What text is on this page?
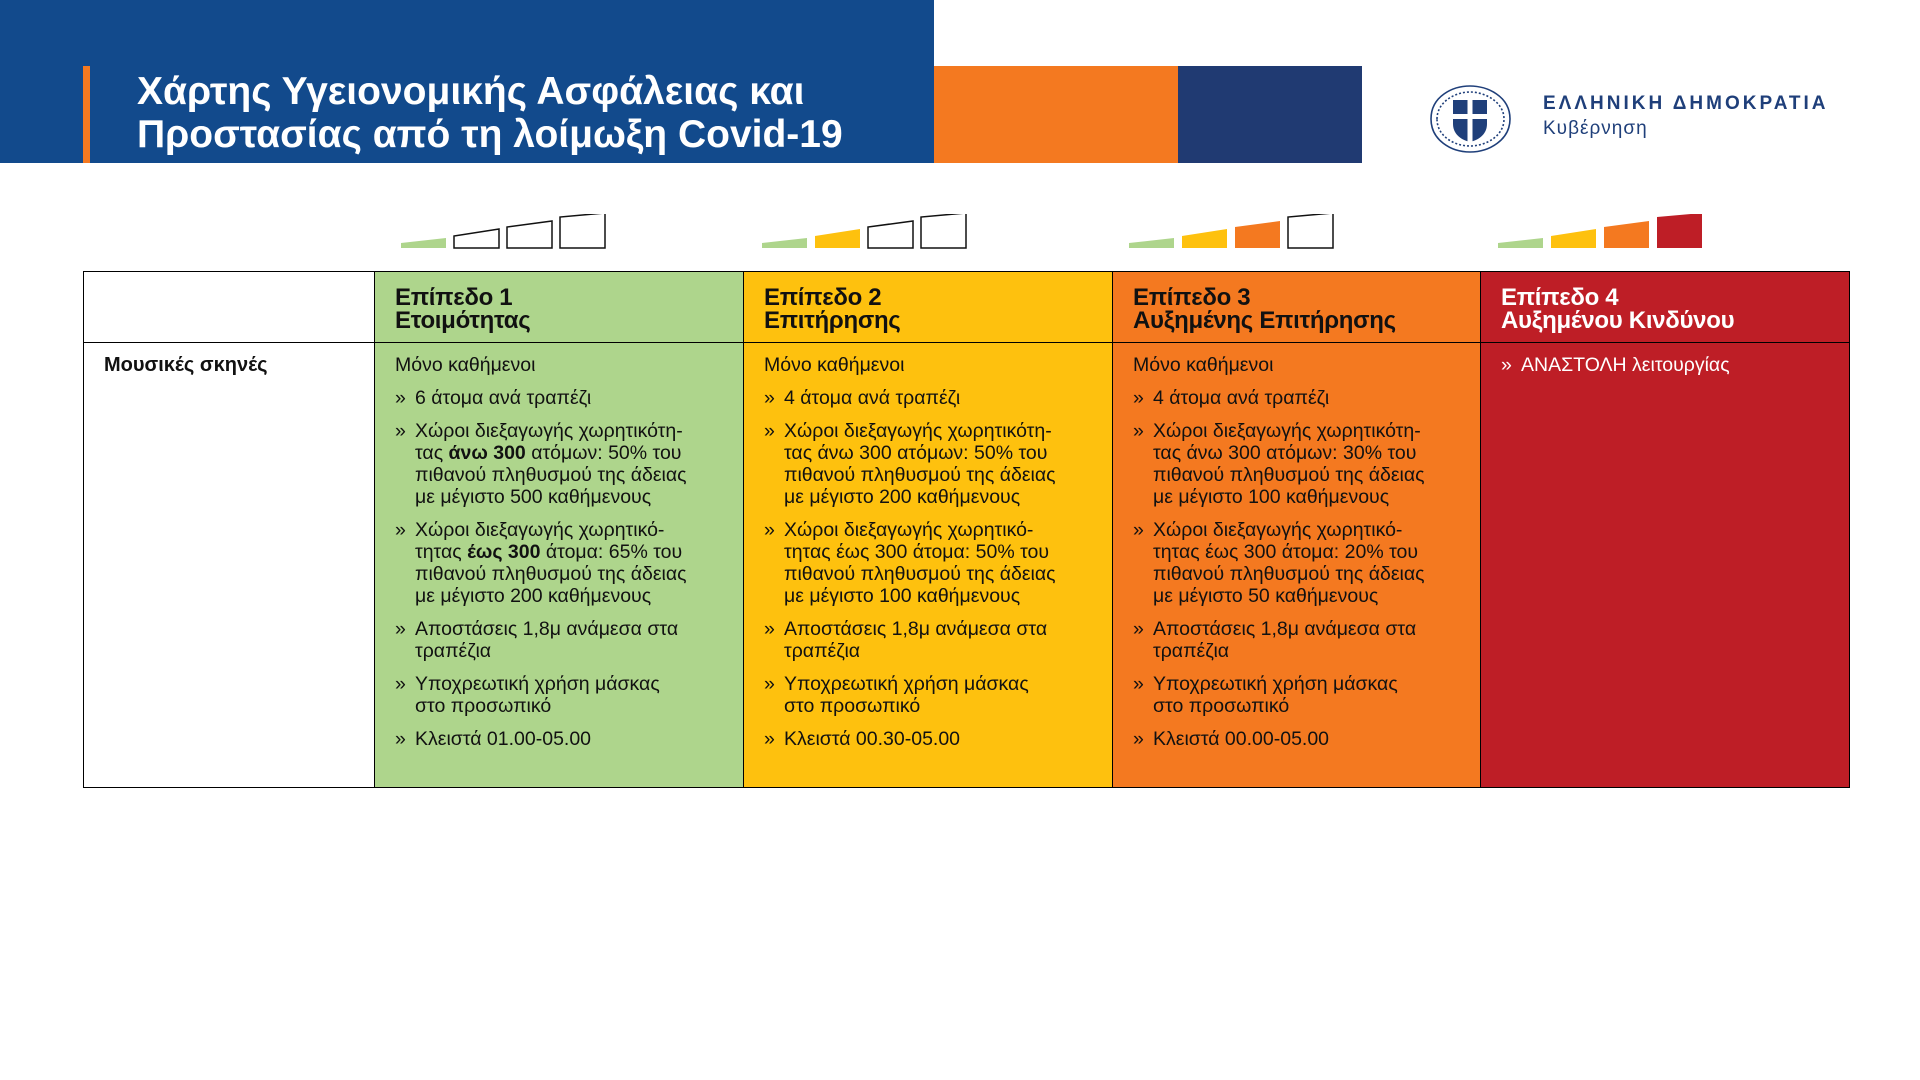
Χάρτης Υγειονομικής Ασφάλειας και
Προστασίας από τη λοίμωξη Covid-19
ΕΛΛΗΝΙΚΗ ΔΗΜΟΚΡΑΤΙΑ
Κυβέρνηση
Μουσικές σκηνές
Επίπεδο 1
Ετοιμότητας
Μόνο καθήμενοι
» 6 άτομα ανά τραπέζι
» Χώροι διεξαγωγής χωρητικότη-
τας άνω 300 ατόμων: 50% του
πιθανού πληθυσμού της άδειας
με μέγιστο 500 καθήμενους
» Χώροι διεξαγωγής χωρητικό-
τητας έως 300 άτομα: 65% του
πιθανού πληθυσμού της άδειας
με μέγιστο 200 καθήμενους
» Αποστάσεις 1,8μ ανάμεσα στα
τραπέζια
» Υποχρεωτική χρήση μάσκας
στο προσωπικό
» Κλειστά 01.00-05.00
Επίπεδο 2
Επιτήρησης
Μόνο καθήμενοι
» 4 άτομα ανά τραπέζι
» Χώροι διεξαγωγής χωρητικότη-
τας άνω 300 ατόμων: 50% του
πιθανού πληθυσμού της άδειας
με μέγιστο 200 καθήμενους
» Χώροι διεξαγωγής χωρητικό-
τητας έως 300 άτομα: 50% του
πιθανού πληθυσμού της άδειας
με μέγιστο 100 καθήμενους
» Αποστάσεις 1,8μ ανάμεσα στα
τραπέζια
» Υποχρεωτική χρήση μάσκας
στο προσωπικό
» Κλειστά 00.30-05.00
Επίπεδο 3
Αυξημένης Επιτήρησης
Μόνο καθήμενοι
» 4 άτομα ανά τραπέζι
» Χώροι διεξαγωγής χωρητικότη-
τας άνω 300 ατόμων: 30% του
πιθανού πληθυσμού της άδειας
με μέγιστο 100 καθήμενους
» Χώροι διεξαγωγής χωρητικό-
τητας έως 300 άτομα: 20% του
πιθανού πληθυσμού της άδειας
με μέγιστο 50 καθήμενους
» Αποστάσεις 1,8μ ανάμεσα στα
τραπέζια
» Υποχρεωτική χρήση μάσκας
στο προσωπικό
» Κλειστά 00.00-05.00
Επίπεδο 4
Αυξημένου Κινδύνου
» ΑΝΑΣΤΟΛΗ λειτουργίας
